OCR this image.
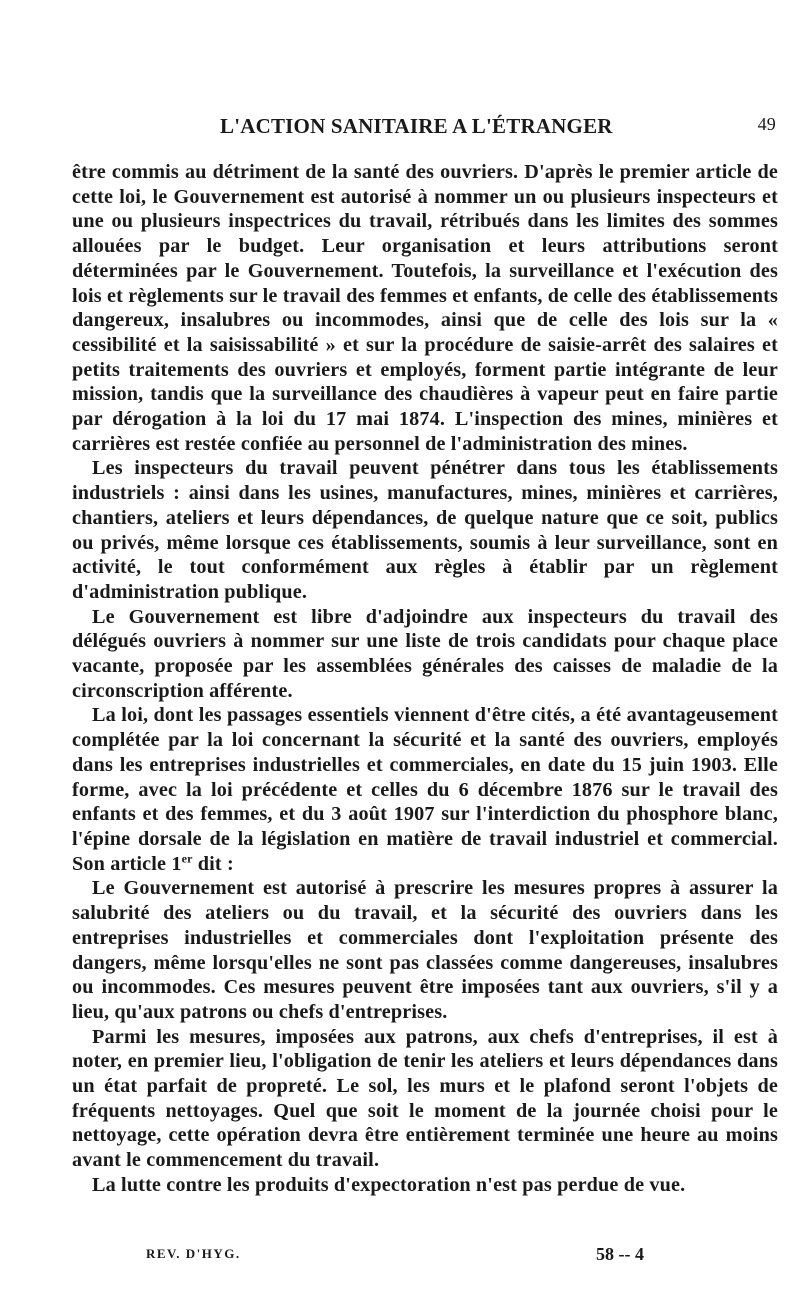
L'ACTION SANITAIRE A L'ÉTRANGER	49

être commis au détriment de la santé des ouvriers. D'après le premier article de cette loi, le Gouvernement est autorisé à nommer un ou plusieurs inspecteurs et une ou plusieurs inspectrices du travail, rétribués dans les limites des sommes allouées par le budget. Leur organisation et leurs attributions seront déterminées par le Gouvernement. Toutefois, la surveillance et l'exécution des lois et règlements sur le travail des femmes et enfants, de celle des établissements dangereux, insalubres ou incommodes, ainsi que de celle des lois sur la « cessibilité et la saisissabilité » et sur la procédure de saisie-arrêt des salaires et petits traitements des ouvriers et employés, forment partie intégrante de leur mission, tandis que la surveillance des chaudières à vapeur peut en faire partie par dérogation à la loi du 17 mai 1874. L'inspection des mines, minières et carrières est restée confiée au personnel de l'administration des mines.

Les inspecteurs du travail peuvent pénétrer dans tous les établissements industriels : ainsi dans les usines, manufactures, mines, minières et carrières, chantiers, ateliers et leurs dépendances, de quelque nature que ce soit, publics ou privés, même lorsque ces établissements, soumis à leur surveillance, sont en activité, le tout conformément aux règles à établir par un règlement d'administration publique.

Le Gouvernement est libre d'adjoindre aux inspecteurs du travail des délégués ouvriers à nommer sur une liste de trois candidats pour chaque place vacante, proposée par les assemblées générales des caisses de maladie de la circonscription afférente.

La loi, dont les passages essentiels viennent d'être cités, a été avantageusement complétée par la loi concernant la sécurité et la santé des ouvriers, employés dans les entreprises industrielles et commerciales, en date du 15 juin 1903. Elle forme, avec la loi précédente et celles du 6 décembre 1876 sur le travail des enfants et des femmes, et du 3 août 1907 sur l'interdiction du phosphore blanc, l'épine dorsale de la législation en matière de travail industriel et commercial. Son article 1er dit :

Le Gouvernement est autorisé à prescrire les mesures propres à assurer la salubrité des ateliers ou du travail, et la sécurité des ouvriers dans les entreprises industrielles et commerciales dont l'exploitation présente des dangers, même lorsqu'elles ne sont pas classées comme dangereuses, insalubres ou incommodes. Ces mesures peuvent être imposées tant aux ouvriers, s'il y a lieu, qu'aux patrons ou chefs d'entreprises.

Parmi les mesures, imposées aux patrons, aux chefs d'entreprises, il est à noter, en premier lieu, l'obligation de tenir les ateliers et leurs dépendances dans un état parfait de propreté. Le sol, les murs et le plafond seront l'objets de fréquents nettoyages. Quel que soit le moment de la journée choisi pour le nettoyage, cette opération devra être entièrement terminée une heure au moins avant le commencement du travail.

La lutte contre les produits d'expectoration n'est pas perdue de vue.

REV. D'HYG.	58 -- 4
